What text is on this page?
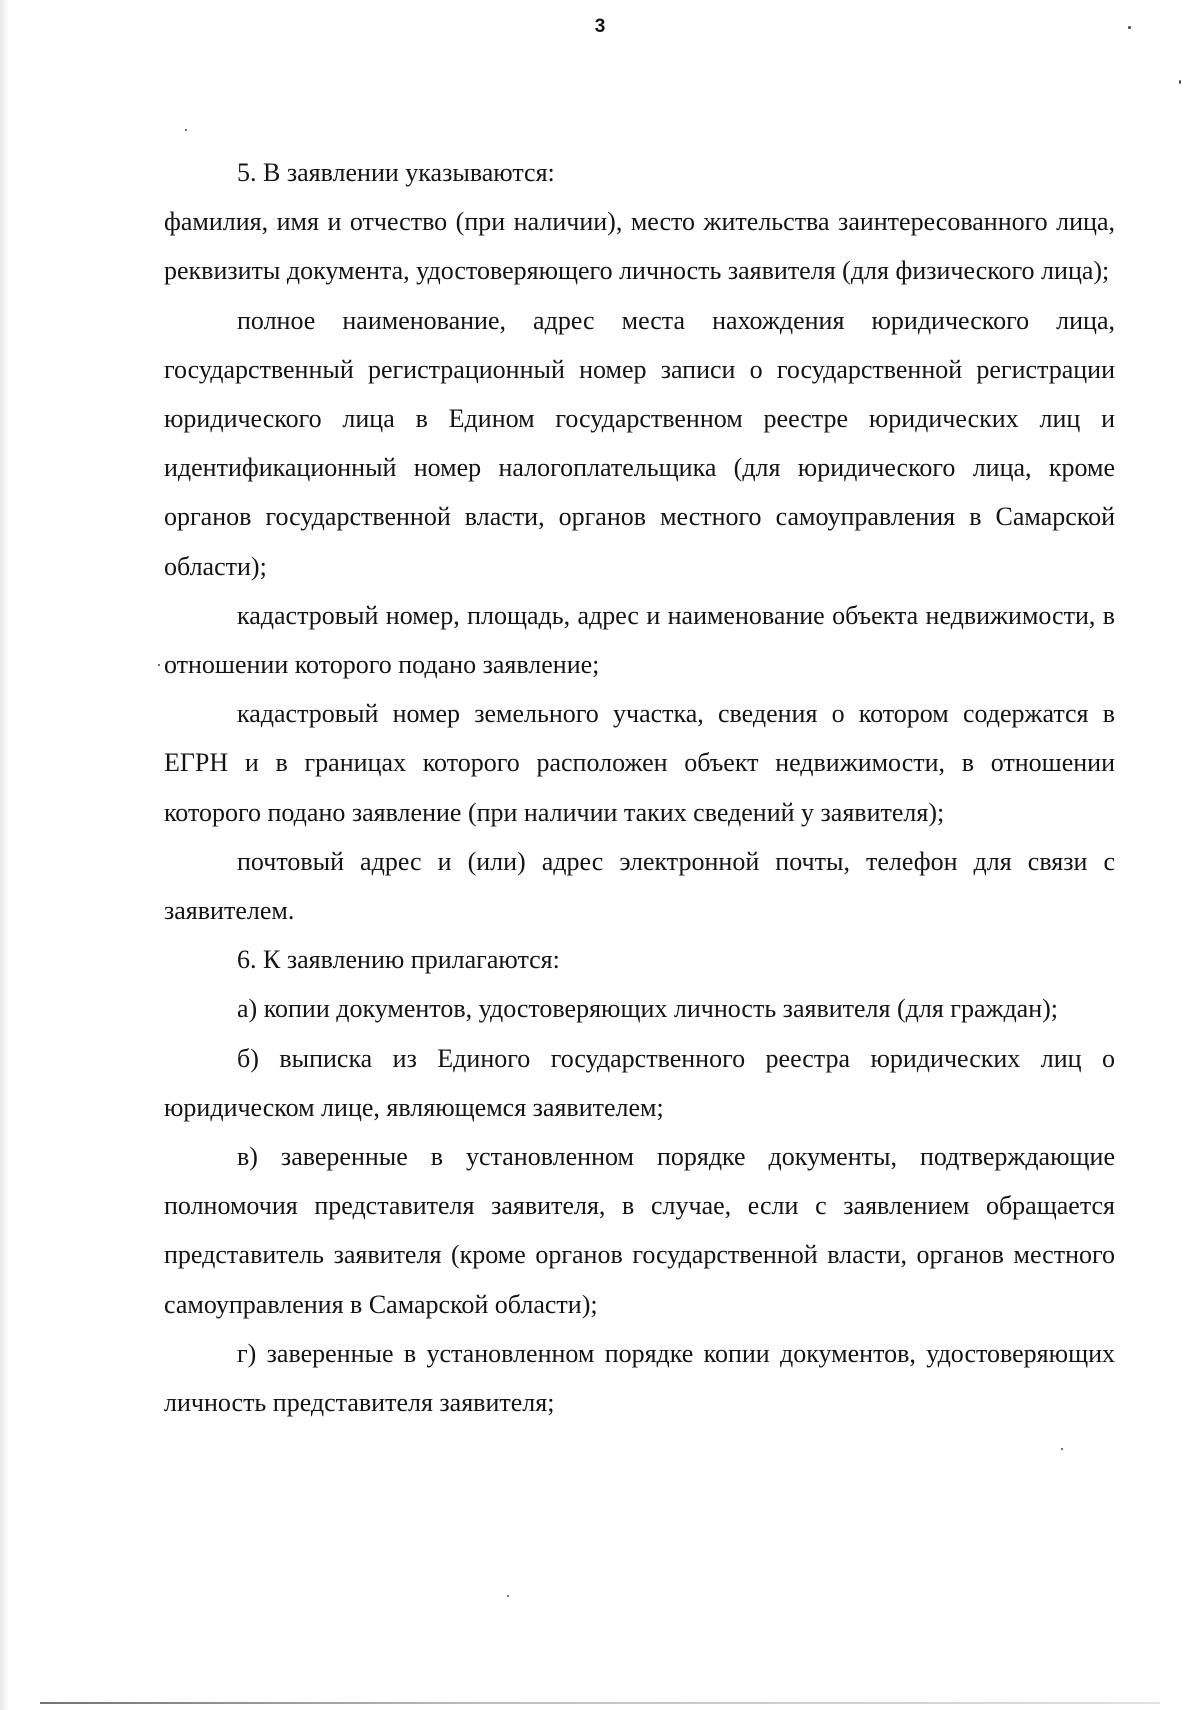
3

5. В заявлении указываются:

фамилия, имя и отчество (при наличии), место жительства заинтересованного лица, реквизиты документа, удостоверяющего личность заявителя (для физического лица);

полное наименование, адрес места нахождения юридического лица, государственный регистрационный номер записи о государственной регистрации юридического лица в Едином государственном реестре юридических лиц и идентификационный номер налогоплательщика (для юридического лица, кроме органов государственной власти, органов местного самоуправления в Самарской области);

кадастровый номер, площадь, адрес и наименование объекта недвижимости, в отношении которого подано заявление;

кадастровый номер земельного участка, сведения о котором содержатся в ЕГРН и в границах которого расположен объект недвижимости, в отношении которого подано заявление (при наличии таких сведений у заявителя);

почтовый адрес и (или) адрес электронной почты, телефон для связи с заявителем.

6. К заявлению прилагаются:

а) копии документов, удостоверяющих личность заявителя (для граждан);

б) выписка из Единого государственного реестра юридических лиц о юридическом лице, являющемся заявителем;

в) заверенные в установленном порядке документы, подтверждающие полномочия представителя заявителя, в случае, если с заявлением обращается представитель заявителя (кроме органов государственной власти, органов местного самоуправления в Самарской области);

г) заверенные в установленном порядке копии документов, удостоверяющих личность представителя заявителя;
